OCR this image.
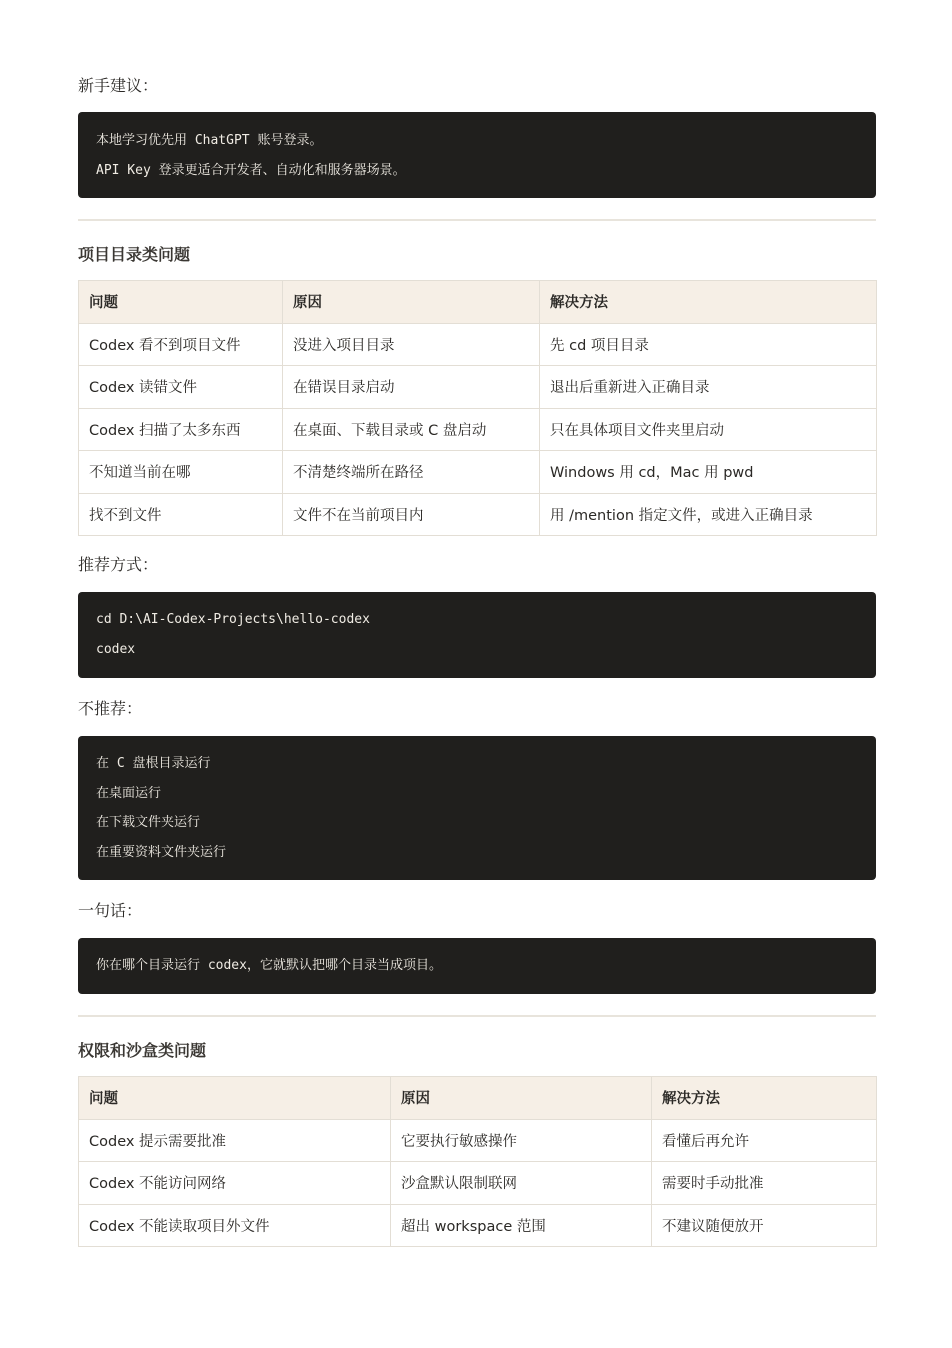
新手建议：
本地学习优先用 ChatGPT 账号登录。
API Key 登录更适合开发者、自动化和服务器场景。
项目目录类问题
问题	原因	解决方法
Codex 看不到项目文件	没进入项目目录	先 cd 项目目录
Codex 读错文件	在错误目录启动	退出后重新进入正确目录
Codex 扫描了太多东西	在桌面、下载目录或 C 盘启动	只在具体项目文件夹里启动
不知道当前在哪	不清楚终端所在路径	Windows 用 cd，Mac 用 pwd
找不到文件	文件不在当前项目内	用 /mention 指定文件，或进入正确目录
推荐方式：
cd D:\AI-Codex-Projects\hello-codex
codex
不推荐：
在 C 盘根目录运行
在桌面运行
在下载文件夹运行
在重要资料文件夹运行
一句话：
你在哪个目录运行 codex，它就默认把哪个目录当成项目。
权限和沙盒类问题
问题	原因	解决方法
Codex 提示需要批准	它要执行敏感操作	看懂后再允许
Codex 不能访问网络	沙盒默认限制联网	需要时手动批准
Codex 不能读取项目外文件	超出 workspace 范围	不建议随便放开
